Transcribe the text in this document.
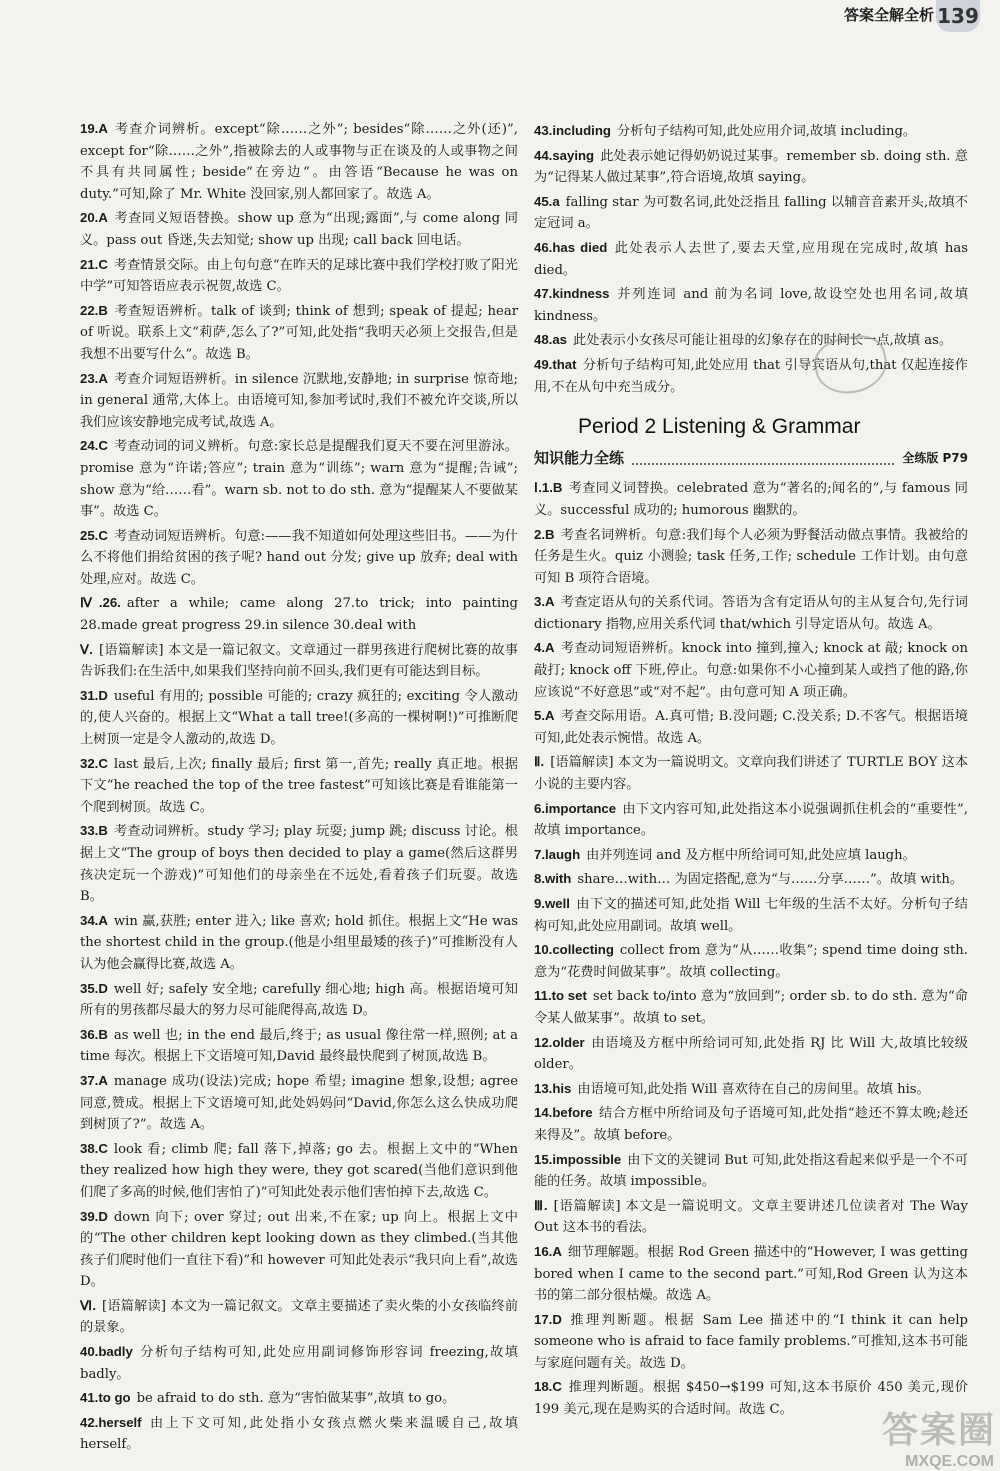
答案全解全析 139

19.A 考查介词辨析。except“除……之外”; besides“除……之外(还)”, except for“除……之外”,指被除去的人或事物与正在谈及的人或事物之间不具有共同属性; beside“在旁边”。由答语“Because he was on duty.”可知,除了 Mr. White 没回家,别人都回家了。故选 A。

20.A 考查同义短语替换。show up 意为“出现;露面”,与 come along 同义。pass out 昏迷,失去知觉; show up 出现; call back 回电话。

21.C 考查情景交际。由上句句意“在昨天的足球比赛中我们学校打败了阳光中学”可知答语应表示祝贺,故选 C。

22.B 考查短语辨析。talk of 谈到; think of 想到; speak of 提起; hear of 听说。联系上文“莉萨,怎么了?”可知,此处指“我明天必须上交报告,但是我想不出要写什么”。故选 B。

23.A 考查介词短语辨析。in silence 沉默地,安静地; in surprise 惊奇地; in general 通常,大体上。由语境可知,参加考试时,我们不被允许交谈,所以我们应该安静地完成考试,故选 A。

24.C 考查动词的词义辨析。句意:家长总是提醒我们夏天不要在河里游泳。promise 意为“许诺;答应”; train 意为“训练”; warn 意为“提醒;告诫”; show 意为“给……看”。warn sb. not to do sth. 意为“提醒某人不要做某事”。故选 C。

25.C 考查动词短语辨析。句意:——我不知道如何处理这些旧书。——为什么不将他们捐给贫困的孩子呢? hand out 分发; give up 放弃; deal with 处理,应对。故选 C。

Ⅳ.26. after a while; came along 27.to trick; into painting 28.made great progress 29.in silence 30.deal with

Ⅴ. [语篇解读] 本文是一篇记叙文。文章通过一群男孩进行爬树比赛的故事告诉我们:在生活中,如果我们坚持向前不回头,我们更有可能达到目标。

31.D useful 有用的; possible 可能的; crazy 疯狂的; exciting 令人激动的,使人兴奋的。根据上文“What a tall tree!(多高的一棵树啊!)”可推断爬上树顶一定是令人激动的,故选 D。

32.C last 最后,上次; finally 最后; first 第一,首先; really 真正地。根据下文“he reached the top of the tree fastest”可知该比赛是看谁能第一个爬到树顶。故选 C。

33.B 考查动词辨析。study 学习; play 玩耍; jump 跳; discuss 讨论。根据上文“The group of boys then decided to play a game(然后这群男孩决定玩一个游戏)”可知他们的母亲坐在不远处,看着孩子们玩耍。故选 B。

34.A win 赢,获胜; enter 进入; like 喜欢; hold 抓住。根据上文“He was the shortest child in the group.(他是小组里最矮的孩子)”可推断没有人认为他会赢得比赛,故选 A。

35.D well 好; safely 安全地; carefully 细心地; high 高。根据语境可知所有的男孩都尽最大的努力尽可能爬得高,故选 D。

36.B as well 也; in the end 最后,终于; as usual 像往常一样,照例; at a time 每次。根据上下文语境可知,David 最终最快爬到了树顶,故选 B。

37.A manage 成功(设法)完成; hope 希望; imagine 想象,设想; agree 同意,赞成。根据上下文语境可知,此处妈妈问“David,你怎么这么快成功爬到树顶了?”。故选 A。

38.C look 看; climb 爬; fall 落下,掉落; go 去。根据上文中的“When they realized how high they were, they got scared(当他们意识到他们爬了多高的时候,他们害怕了)”可知此处表示他们害怕掉下去,故选 C。

39.D down 向下; over 穿过; out 出来,不在家; up 向上。根据上文中的“The other children kept looking down as they climbed.(当其他孩子们爬时他们一直往下看)”和 however 可知此处表示“我只向上看”,故选 D。

Ⅵ. [语篇解读] 本文为一篇记叙文。文章主要描述了卖火柴的小女孩临终前的景象。

40.badly 分析句子结构可知,此处应用副词修饰形容词 freezing,故填 badly。

41.to go be afraid to do sth. 意为“害怕做某事”,故填 to go。

42.herself 由上下文可知,此处指小女孩点燃火柴来温暖自己,故填 herself。

43.including 分析句子结构可知,此处应用介词,故填 including。

44.saying 此处表示她记得奶奶说过某事。remember sb. doing sth. 意为“记得某人做过某事”,符合语境,故填 saying。

45.a falling star 为可数名词,此处泛指且 falling 以辅音音素开头,故填不定冠词 a。

46.has died 此处表示人去世了,要去天堂,应用现在完成时,故填 has died。

47.kindness 并列连词 and 前为名词 love,故设空处也用名词,故填 kindness。

48.as 此处表示小女孩尽可能让祖母的幻象存在的时间长一点,故填 as。

49.that 分析句子结构可知,此处应用 that 引导宾语从句,that 仅起连接作用,不在从句中充当成分。

Period 2 Listening & Grammar
知识能力全练	全练版 P79

Ⅰ.1.B 考查同义词替换。celebrated 意为“著名的;闻名的”,与 famous 同义。successful 成功的; humorous 幽默的。

2.B 考查名词辨析。句意:我们每个人必须为野餐活动做点事情。我被给的任务是生火。quiz 小测验; task 任务,工作; schedule 工作计划。由句意可知 B 项符合语境。

3.A 考查定语从句的关系代词。答语为含有定语从句的主从复合句,先行词 dictionary 指物,应用关系代词 that/which 引导定语从句。故选 A。

4.A 考查动词短语辨析。knock into 撞到,撞入; knock at 敲; knock on 敲打; knock off 下班,停止。句意:如果你不小心撞到某人或挡了他的路,你应该说“不好意思”或“对不起”。由句意可知 A 项正确。

5.A 考查交际用语。A.真可惜; B.没问题; C.没关系; D.不客气。根据语境可知,此处表示惋惜。故选 A。

Ⅱ. [语篇解读] 本文为一篇说明文。文章向我们讲述了 TURTLE BOY 这本小说的主要内容。

6.importance 由下文内容可知,此处指这本小说强调抓住机会的“重要性”,故填 importance。

7.laugh 由并列连词 and 及方框中所给词可知,此处应填 laugh。

8.with share…with… 为固定搭配,意为“与……分享……”。故填 with。

9.well 由下文的描述可知,此处指 Will 七年级的生活不太好。分析句子结构可知,此处应用副词。故填 well。

10.collecting collect from 意为“从……收集”; spend time doing sth. 意为“花费时间做某事”。故填 collecting。

11.to set set back to/into 意为“放回到”; order sb. to do sth. 意为“命令某人做某事”。故填 to set。

12.older 由语境及方框中所给词可知,此处指 RJ 比 Will 大,故填比较级 older。

13.his 由语境可知,此处指 Will 喜欢待在自己的房间里。故填 his。

14.before 结合方框中所给词及句子语境可知,此处指“趁还不算太晚;趁还来得及”。故填 before。

15.impossible 由下文的关键词 But 可知,此处指这看起来似乎是一个不可能的任务。故填 impossible。

Ⅲ. [语篇解读] 本文是一篇说明文。文章主要讲述几位读者对 The Way Out 这本书的看法。

16.A 细节理解题。根据 Rod Green 描述中的“However, I was getting bored when I came to the second part.”可知,Rod Green 认为这本书的第二部分很枯燥。故选 A。

17.D 推理判断题。根据 Sam Lee 描述中的“I think it can help someone who is afraid to face family problems.”可推知,这本书可能与家庭问题有关。故选 D。

18.C 推理判断题。根据 $450→$199 可知,这本书原价 450 美元,现价 199 美元,现在是购买的合适时间。故选 C。	答案圈
MXQE.COM
